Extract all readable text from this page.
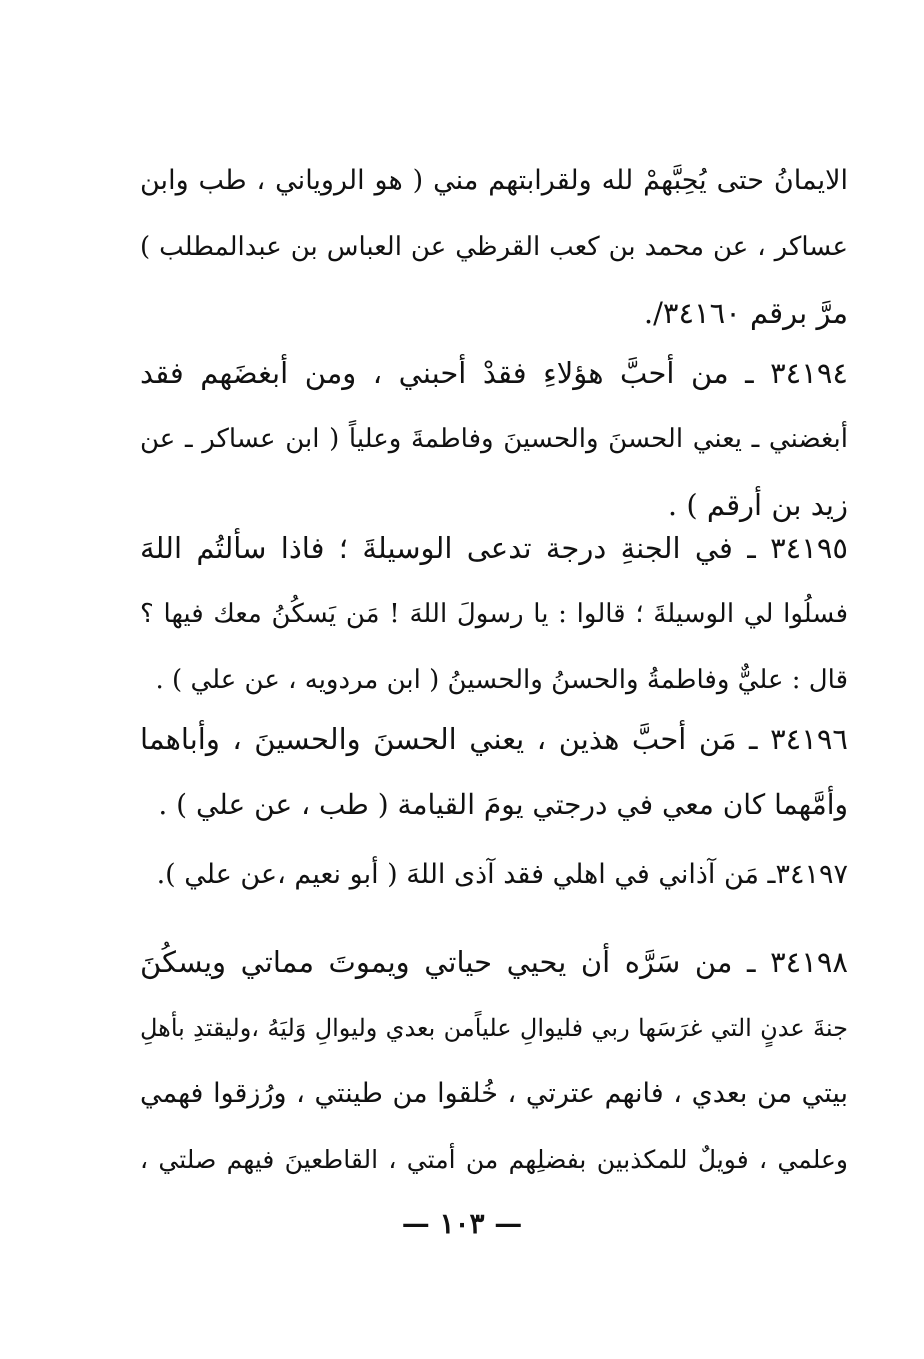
الايمانُ حتى يُحِبَّهمْ لله ولقرابتهم مني ( هو الروياني ، طب وابن
عساكر ، عن محمد بن كعب القرظي عن العباس بن عبدالمطلب )
مرَّ برقم ۳٤١٦٠/.
٣٤١٩٤ ـ من أحبَّ هؤلاءِ فقدْ أحبني ، ومن أبغضَهم فقد
أبغضني ـ يعني الحسنَ والحسينَ وفاطمةَ وعلياً ( ابن عساكر ـ عن
زيد بن أرقم ) .
٣٤١٩٥ ـ في الجنةِ درجة تدعى الوسيلةَ ؛ فاذا سألتُم اللهَ
فسلُوا لي الوسيلةَ ؛ قالوا : يا رسولَ اللهَ ! مَن يَسكُنُ معك فيها ؟
قال : عليٌّ وفاطمةُ والحسنُ والحسينُ ( ابن مردويه ، عن علي ) .
٣٤١٩٦ ـ مَن أحبَّ هذين ، يعني الحسنَ والحسينَ ، وأباهما
وأمَّهما كان معي في درجتي يومَ القيامة ( طب ، عن علي ) .
٣٤١٩٧ـ مَن آذاني في اهلي فقد آذى اللهَ ( أبو نعيم ،عن علي ).
٣٤١٩٨ ـ من سَرَّه أن يحيي حياتي ويموتَ مماتي ويسكُنَ
جنةَ عدنٍ التي غرَسَها ربي فليوالِ علياًمن بعدي وليوالِ وَليَهُ ،وليقتدِ بأهلِ
بيتي من بعدي ، فانهم عترتي ، خُلقوا من طينتي ، ورُزقوا فهمي
وعلمي ، فويلٌ للمكذبين بفضلِهم من أمتي ، القاطعينَ فيهم صلتي ،
— ١٠٣ —
